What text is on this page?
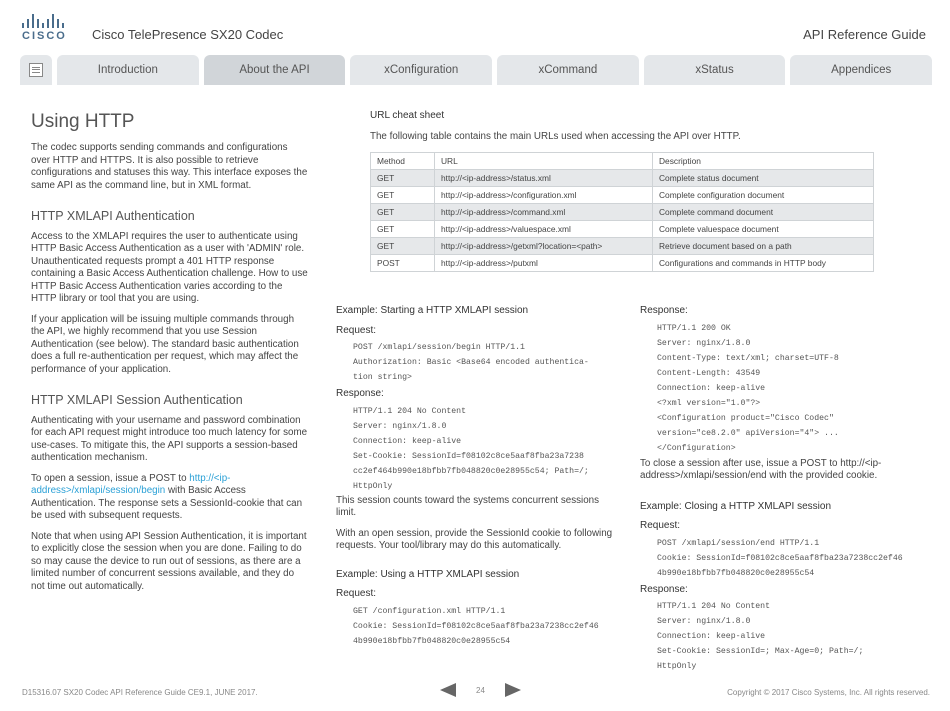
CISCO Cisco TelePresence SX20 Codec	API Reference Guide
Introduction	About the API	xConfiguration	xCommand	xStatus	Appendices
Using HTTP
The codec supports sending commands and configurations over HTTP and HTTPS. It is also possible to retrieve configurations and statuses this way. This interface exposes the same API as the command line, but in XML format.
HTTP XMLAPI Authentication
Access to the XMLAPI requires the user to authenticate using HTTP Basic Access Authentication as a user with 'ADMIN' role. Unauthenticated requests prompt a 401 HTTP response containing a Basic Access Authentication challenge. How to use HTTP Basic Access Authentication varies according to the HTTP library or tool that you are using.
If your application will be issuing multiple commands through the API, we highly recommend that you use Session Authentication (see below). The standard basic authentication does a full re-authentication per request, which may affect the performance of your application.
HTTP XMLAPI Session Authentication
Authenticating with your username and password combination for each API request might introduce too much latency for some use-cases. To mitigate this, the API supports a session-based authentication mechanism.
To open a session, issue a POST to http://<ip-address>/xmlapi/session/begin with Basic Access Authentication. The response sets a SessionId-cookie that can be used with subsequent requests.
Note that when using API Session Authentication, it is important to explicitly close the session when you are done. Failing to do so may cause the device to run out of sessions, as there are a limited number of concurrent sessions available, and they do not time out automatically.
URL cheat sheet
The following table contains the main URLs used when accessing the API over HTTP.
Method	URL	Description
GET	http://<ip-address>/status.xml	Complete status document
GET	http://<ip-address>/configuration.xml	Complete configuration document
GET	http://<ip-address>/command.xml	Complete command document
GET	http://<ip-address>/valuespace.xml	Complete valuespace document
GET	http://<ip-address>/getxml?location=<path>	Retrieve document based on a path
POST	http://<ip-address>/putxml	Configurations and commands in HTTP body
Example: Starting a HTTP XMLAPI session
Request:
POST /xmlapi/session/begin HTTP/1.1
Authorization: Basic <Base64 encoded authentica-
tion string>
Response:
HTTP/1.1 204 No Content
Server: nginx/1.8.0
Connection: keep-alive
Set-Cookie: SessionId=f08102c8ce5aaf8fba23a7238
cc2ef464b990e18bfbb7fb048820c0e28955c54; Path=/;
HttpOnly
This session counts toward the systems concurrent sessions limit.
With an open session, provide the SessionId cookie to following requests. Your tool/library may do this automatically.
Example: Using a HTTP XMLAPI session
Request:
GET /configuration.xml HTTP/1.1
Cookie: SessionId=f08102c8ce5aaf8fba23a7238cc2ef46
4b990e18bfbb7fb048820c0e28955c54
Response:
HTTP/1.1 200 OK
Server: nginx/1.8.0
Content-Type: text/xml; charset=UTF-8
Content-Length: 43549
Connection: keep-alive
<?xml version="1.0"?>
<Configuration product="Cisco Codec"
version="ce8.2.0" apiVersion="4"> ...
</Configuration>
To close a session after use, issue a POST to http://<ip-address>/xmlapi/session/end with the provided cookie.
Example: Closing a HTTP XMLAPI session
Request:
POST /xmlapi/session/end HTTP/1.1
Cookie: SessionId=f08102c8ce5aaf8fba23a7238cc2ef46
4b990e18bfbb7fb048820c0e28955c54
Response:
HTTP/1.1 204 No Content
Server: nginx/1.8.0
Connection: keep-alive
Set-Cookie: SessionId=; Max-Age=0; Path=/;
HttpOnly
D15316.07 SX20 Codec API Reference Guide CE9.1, JUNE 2017.	24	Copyright © 2017 Cisco Systems, Inc. All rights reserved.
